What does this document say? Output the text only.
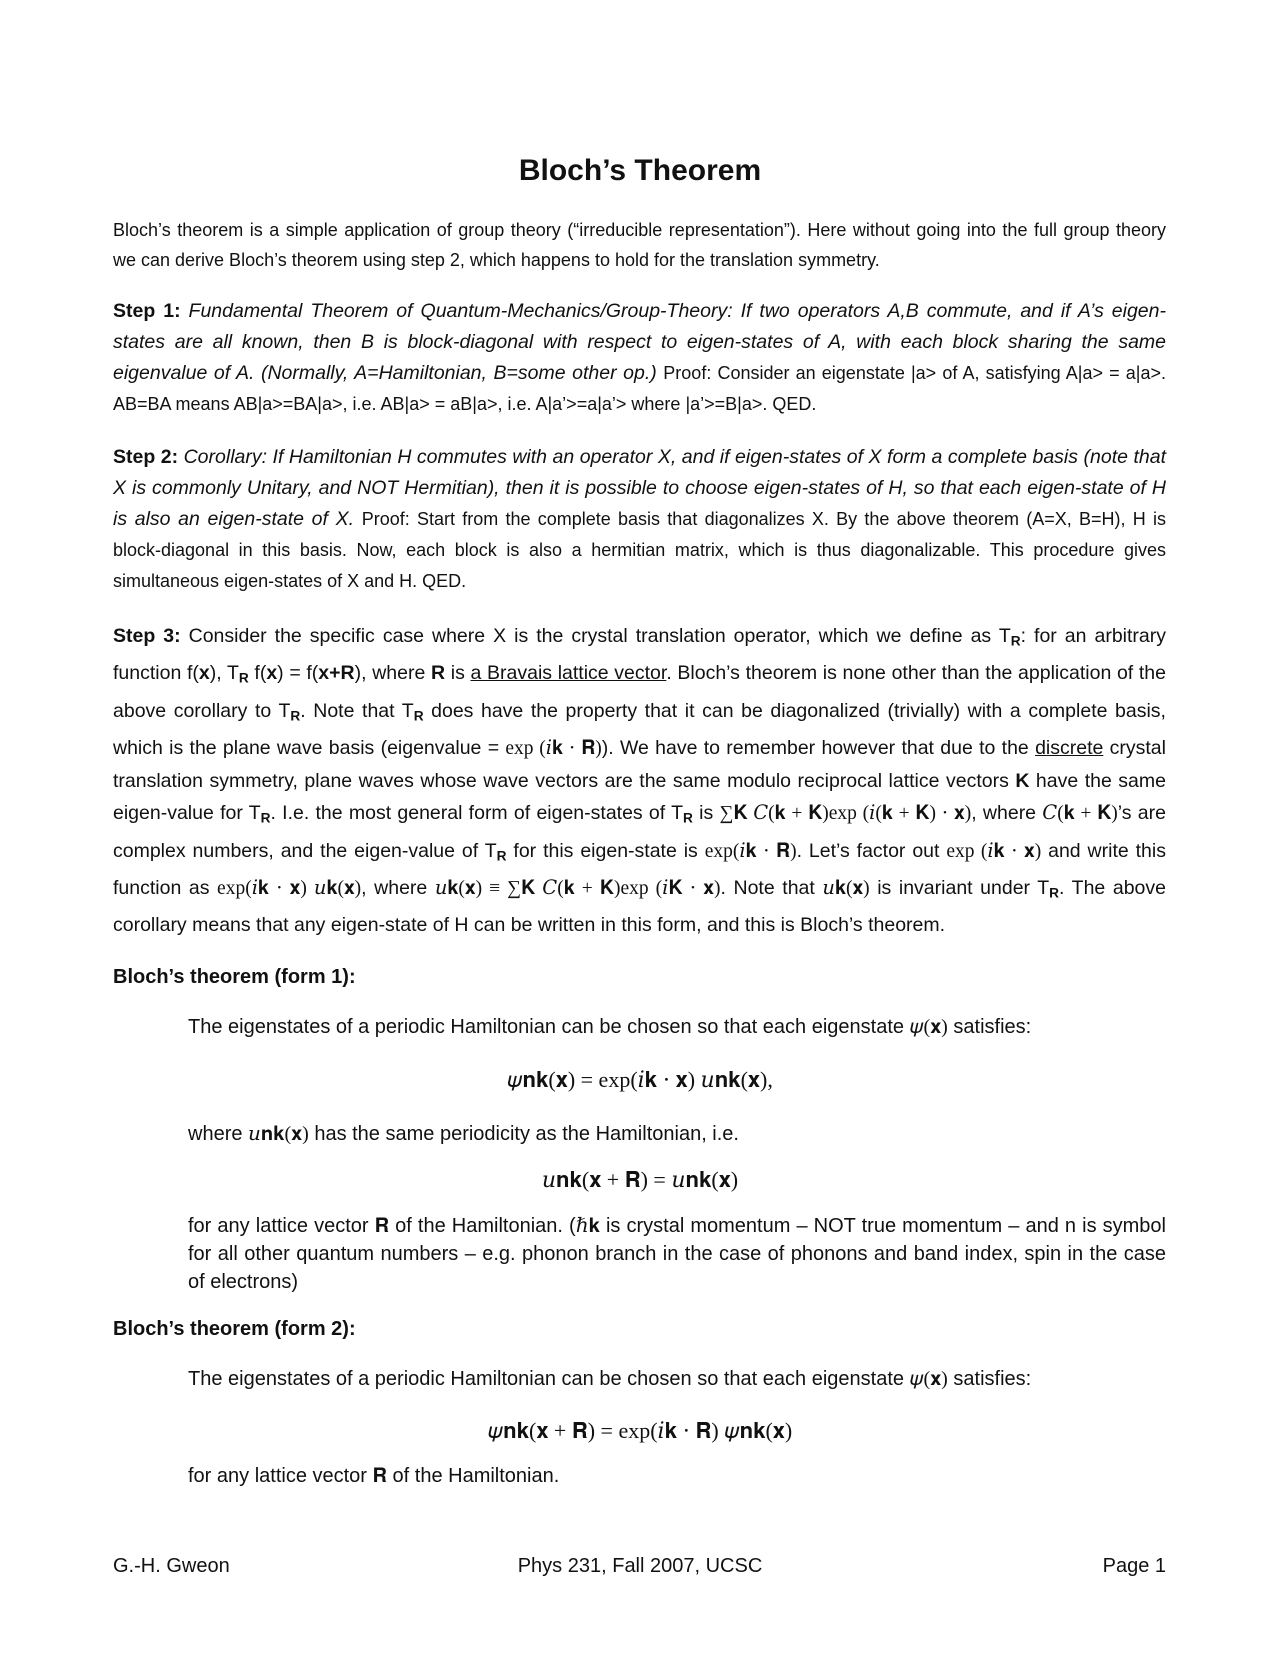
Bloch’s Theorem

Bloch’s theorem is a simple application of group theory (“irreducible representation”). Here without going into the full group theory we can derive Bloch’s theorem using step 2, which happens to hold for the translation symmetry.

Step 1: Fundamental Theorem of Quantum-Mechanics/Group-Theory: If two operators A,B commute, and if A’s eigen-states are all known, then B is block-diagonal with respect to eigen-states of A, with each block sharing the same eigenvalue of A. (Normally, A=Hamiltonian, B=some other op.) Proof: Consider an eigenstate |a> of A, satisfying A|a> = a|a>. AB=BA means AB|a>=BA|a>, i.e. AB|a> = aB|a>, i.e. A|a’>=a|a’> where |a’>=B|a>. QED.

Step 2: Corollary: If Hamiltonian H commutes with an operator X, and if eigen-states of X form a complete basis (note that X is commonly Unitary, and NOT Hermitian), then it is possible to choose eigen-states of H, so that each eigen-state of H is also an eigen-state of X. Proof: Start from the complete basis that diagonalizes X. By the above theorem (A=X, B=H), H is block-diagonal in this basis. Now, each block is also a hermitian matrix, which is thus diagonalizable. This procedure gives simultaneous eigen-states of X and H. QED.

Step 3: Consider the specific case where X is the crystal translation operator, which we define as $T_R$: for an arbitrary function f(x), $T_R$ f(x) = f(x+R), where R is a Bravais lattice vector. Bloch’s theorem is none other than the application of the above corollary to $T_R$. Note that $T_R$ does have the property that it can be diagonalized (trivially) with a complete basis, which is the plane wave basis (eigenvalue = exp (𝑖𝐤 ⋅ 𝐑)). We have to remember however that due to the discrete crystal translation symmetry, plane waves whose wave vectors are the same modulo reciprocal lattice vectors K have the same eigen-value for $T_R$. I.e. the most general form of eigen-states of $T_R$ is ∑𝐊 𝐶(𝐤 + 𝐊)exp (𝑖(𝐤 + 𝐊) ⋅ 𝐱), where 𝐶(𝐤 + 𝐊)’s are complex numbers, and the eigen-value of $T_R$ for this eigen-state is exp(𝑖𝐤 ⋅ 𝐑). Let’s factor out exp (𝑖𝐤 ⋅ 𝐱) and write this function as exp(𝑖𝐤 ⋅ 𝐱) 𝑢𝐤(𝐱), where 𝑢𝐤(𝐱) ≡ ∑𝐊 𝐶(𝐤 + 𝐊)exp (𝑖𝐊 ⋅ 𝐱). Note that 𝑢𝐤(𝐱) is invariant under $T_R$. The above corollary means that any eigen-state of H can be written in this form, and this is Bloch’s theorem.

Bloch’s theorem (form 1):

The eigenstates of a periodic Hamiltonian can be chosen so that each eigenstate 𝜓(𝐱) satisfies:

𝜓𝐧𝐤(𝐱) = exp(𝑖𝐤 ⋅ 𝐱) 𝑢𝐧𝐤(𝐱),

where 𝑢𝐧𝐤(𝐱) has the same periodicity as the Hamiltonian, i.e.

𝑢𝐧𝐤(𝐱 + 𝐑) = 𝑢𝐧𝐤(𝐱)

for any lattice vector 𝐑 of the Hamiltonian. (ℏ𝐤 is crystal momentum – NOT true momentum – and n is symbol for all other quantum numbers – e.g. phonon branch in the case of phonons and band index, spin in the case of electrons)

Bloch’s theorem (form 2):

The eigenstates of a periodic Hamiltonian can be chosen so that each eigenstate 𝜓(𝐱) satisfies:

𝜓𝐧𝐤(𝐱 + 𝐑) = exp(𝑖𝐤 ⋅ 𝐑) 𝜓𝐧𝐤(𝐱)

for any lattice vector 𝐑 of the Hamiltonian.

G.-H. Gweon	Phys 231, Fall 2007, UCSC	Page 1
